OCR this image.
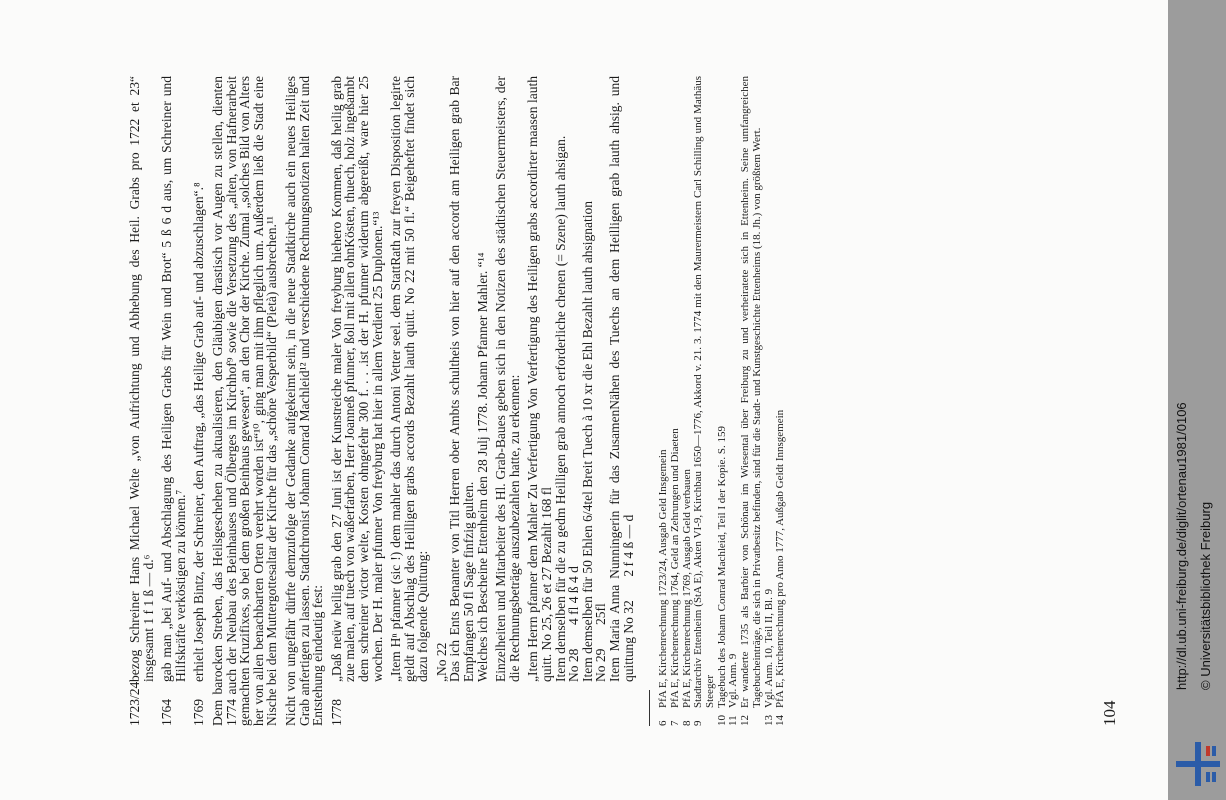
1723/24
bezog Schreiner Hans Michael Welte „von Aufrichtung und Abhebung des Heil. Grabs pro 1722 et 23“ insgesamt 1 f 1 ß — d.⁶
1764
gab man „bei Auf- und Abschlagung des Heiligen Grabs für Wein und Brot“ 5 ß 6 d aus, um Schreiner und Hilfskräfte verköstigen zu können.⁷
1769
erhielt Joseph Bintz, der Schreiner, den Auftrag, „das Heilige Grab auf- und abzuschlagen“.⁸ Dem barocken Streben, das Heilsgeschehen zu aktualisieren, den Gläubigen drastisch vor Augen zu stellen, dienten 1774 auch der Neubau des Beinhauses und Ölberges im Kirchhof⁹ sowie die Versetzung des „alten, von Hafnerarbeit gemachten Kruzifixes, so bei dem großen Beinhaus gewesen“, an den Chor der Kirche. Zumal „solches Bild von Alters her von allen benachbarten Orten verehrt worden ist“¹⁰, ging man mit ihm pfleglich um. Außerdem ließ die Stadt eine Nische bei dem Muttergottesaltar der Kirche für das „schöne Vesperbild“ (Pietà) ausbrechen.¹¹ Nicht von ungefähr dürfte demzufolge der Gedanke aufgekeimt sein, in die neue Stadtkirche auch ein neues Heiliges Grab anfertigen zu lassen. Stadtchronist Johann Conrad Machleid¹² und verschiedene Rechnungsnotizen halten Zeit und Entstehung eindeutig fest: 1778

„Daß neüw heilig grab den 27 Juni ist der Kunstreiche maler Von freyburg hiehero Kommen, daß heilig grab zue malen, auf tuech von waßerfarben, Herr Joanneß pfunner, ßoll mit allen ohnKösten, thuech, holz ingeßambt dem schreiner victor welte, Kosten ohngefehr 300 f. . . .ist der H. pfunner widerum abgereißt, ware hier 25 wochen. Der H. maler pfunner Von freyburg hat hier in allem Verdient 25 Duplonen.“¹³ „Item Hⁿ pfanner (sic !) dem mahler das durch Antoni Vetter seel. dem StattRath zur freyen Disposition legirte geldt auf Abschlag des Heilligen grabs accords Bezahlt lauth quitt. No 22 mit 50 fl.“ Beigeheftet findet sich dazu folgende Quittung: „No 22
Das ich Ents Benanter von Titl Herren ober Ambts schultheis von hier auf den accordt am Heiligen grab Bar Empfangen 50 fl Sage finfzig gulten.

Welches ich Bescheine Ettenheim den 28 Julj 1778. Johann Pfanner Mahler. “¹⁴ Einzelheiten und Mitarbeiter des Hl. Grab-Baues geben sich in den Notizen des städtischen Steuermeisters, der die Rechnungsbeträge auszubezahlen hatte, zu erkennen: „Item Herrn pfanner dem Mahler Zu Verfertigung Von Verfertigung des Heiligen grabs accordirter maasen lauth quitt. No 25, 26 et 27 Bezahlt 168 fl
Item demselben für die zu gedm Heilligen grab annoch erforderliche chenen (= Szene) lauth ahsigan.
No 28       4 fl 4 ß 4 d
Item demselben für 50 Ehlen 6/4tel Breit Tuech à 10 xr die Ehl Bezahlt lauth ahsignation
No 29       25fl
Item Maria Anna Nunningerin für das ZusamenNähen des Tuechs an dem Heilligen grab lauth ahsig. und quittung No 32       2 f 4 ß — d
6
PfA E, Kirchenrechnung 1723/24, Ausgab Geld Insgemein
7
PfA E, Kirchenrechnung 1764, Geld an Zehrungen und Diaeten
8
PfA E, Kirchenrechnung 1769, Ausgab Geld verbauen
9
Stadtarchiv Ettenheim (StA E), Akten VI-9, Kirchbau 1650—1776, Akkord v. 21. 3. 1774 mit den Maurermeistern Carl Schilling und Mathäus Steeger
10
Tagebuch des Johann Conrad Machleid, Teil I der Kopie. S. 159
11
Vgl. Anm. 9
12
Er wanderte 1735 als Barbier von Schönau im Wiesental über Freiburg zu und verheiratete sich in Ettenheim. Seine umfangreichen Tagebucheinträge, die sich in Privatbesitz befinden, sind für die Stadt- und Kunstgeschichte Ettenheims (18. Jh.) von größtem Wert.
13
Vgl. Anm. 10, Teil II, Bl. 9
14
PfA E, Kirchenrechnung pro Anno 1777, Außgab Geldt Innsgemein
104
http://dl.ub.uni-freiburg.de/diglit/ortenau1981/0106 © Universitätsbibliothek Freiburg
